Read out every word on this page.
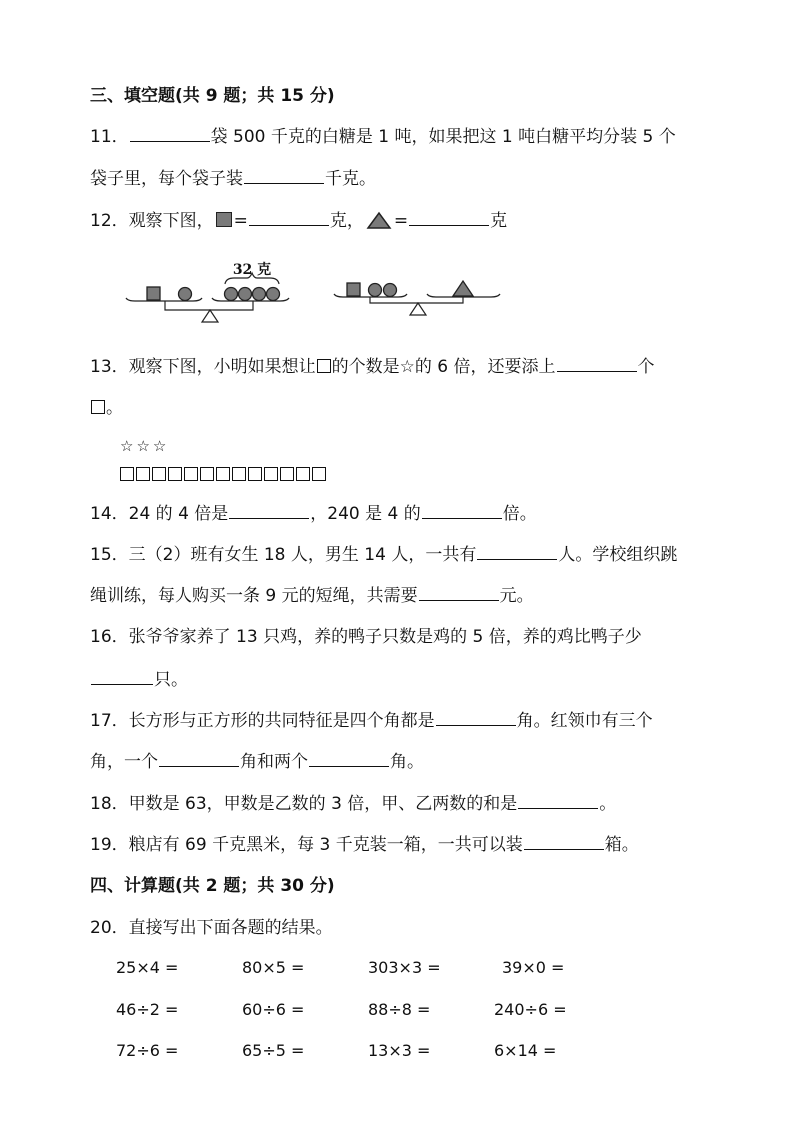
三、填空题(共 9 题；共 15 分)
11．	袋 500 千克的白糖是 1 吨，如果把这 1 吨白糖平均分装 5 个
袋子里，每个袋子装	千克。
12．观察下图， =	克， =	克
32 克
13．观察下图，小明如果想让 的个数是☆的 6 倍，还要添上	个
。
☆☆☆
14．24 的 4 倍是	，240 是 4 的	倍。
15．三（2）班有女生 18 人，男生 14 人，一共有	人。学校组织跳
绳训练，每人购买一条 9 元的短绳，共需要	元。
16．张爷爷家养了 13 只鸡，养的鸭子只数是鸡的 5 倍，养的鸡比鸭子少
只。
17．长方形与正方形的共同特征是四个角都是	角。红领巾有三个
角，一个	角和两个	角。
18．甲数是 63，甲数是乙数的 3 倍，甲、乙两数的和是	。
19．粮店有 69 千克黑米，每 3 千克装一箱，一共可以装	箱。
四、计算题(共 2 题；共 30 分)
20．直接写出下面各题的结果。
25×4 =	80×5 =	303×3 =	39×0 =
46÷2 =	60÷6 =	88÷8 =	240÷6 =
72÷6 =	65÷5 =	13×3 =	6×14 =
